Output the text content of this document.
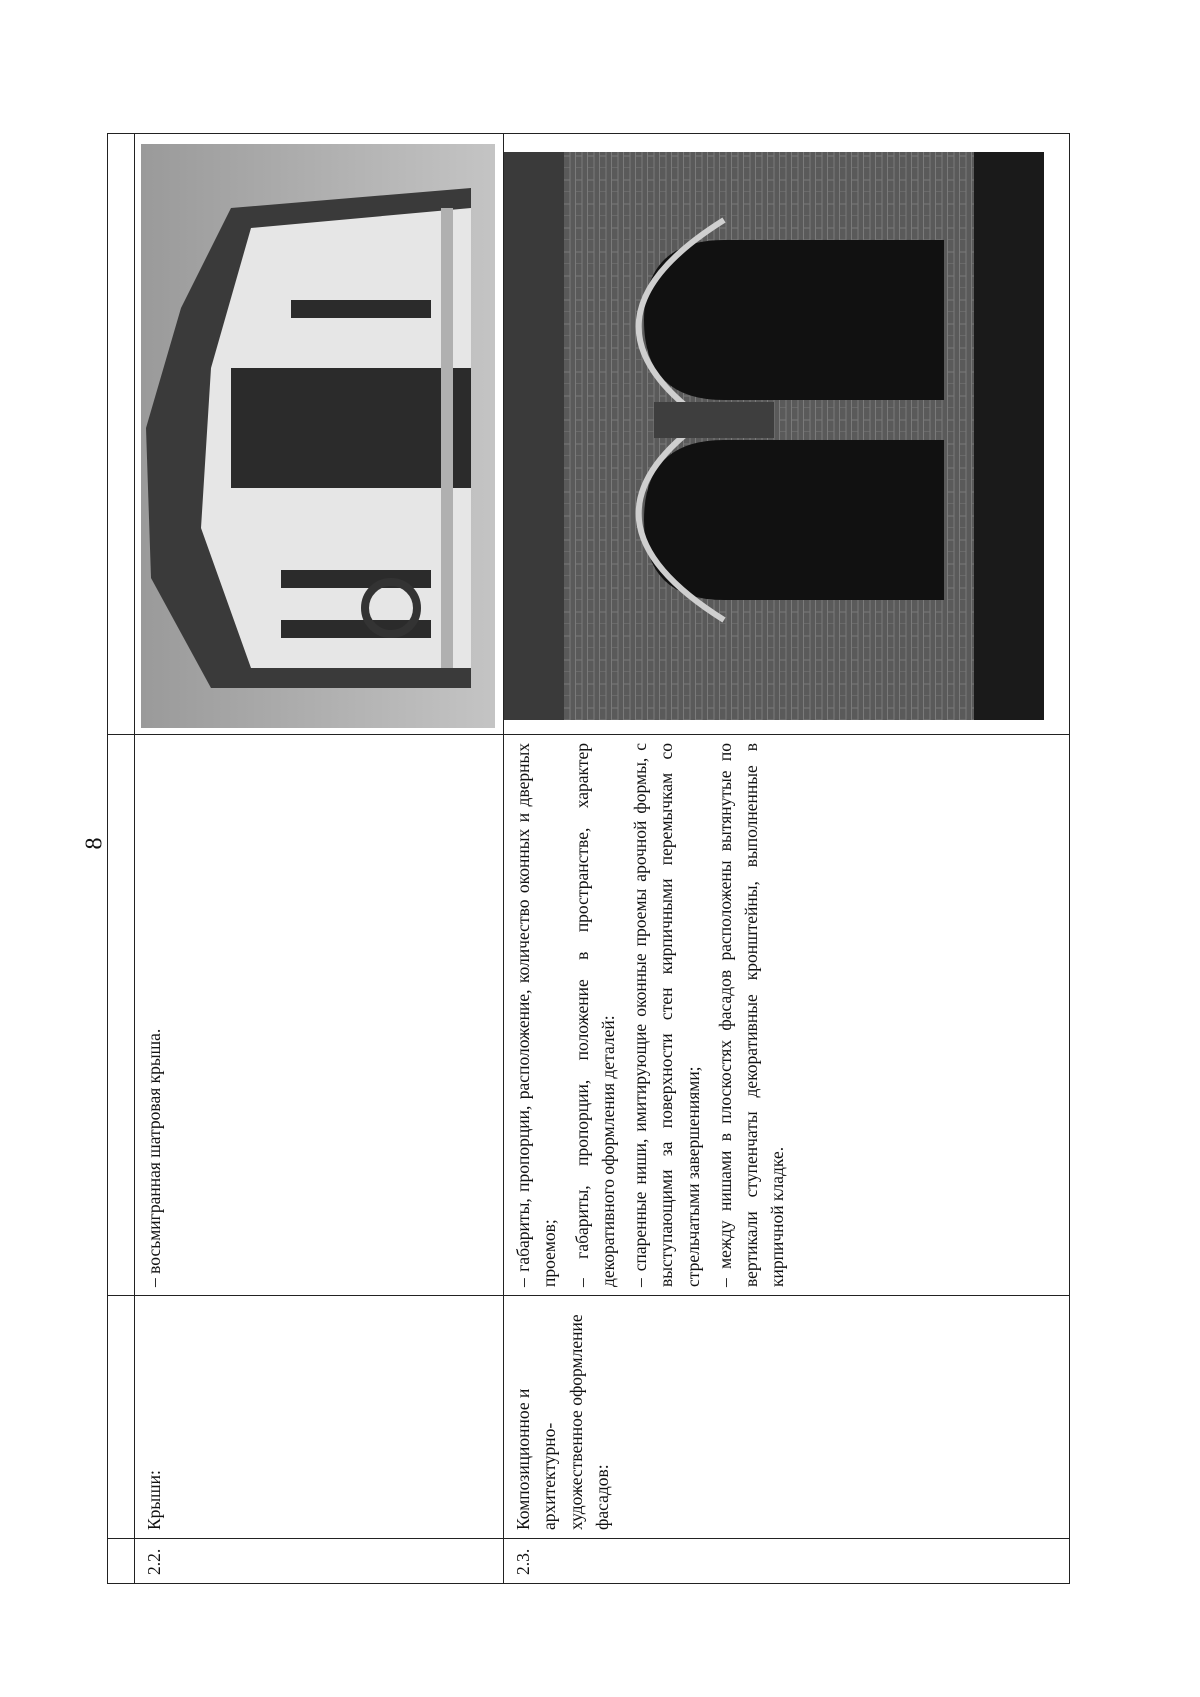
8

2.2.	Крыши:	– восьмигранная шатровая крыша.

2.3.	Композиционное и архитектурно-художественное оформление фасадов:	– габариты, пропорции, расположение, количество оконных и дверных проемов; – габариты, пропорции, положение в пространстве, характер декоративного оформления деталей: – спаренные ниши, имитирующие оконные проемы арочной формы, с выступающими за поверхности стен кирпичными перемычкам со стрельчатыми завершениями; – между нишами в плоскостях фасадов расположены вытянутые по вертикали ступенчаты декоративные кронштейны, выполненные в кирпичной кладке.
